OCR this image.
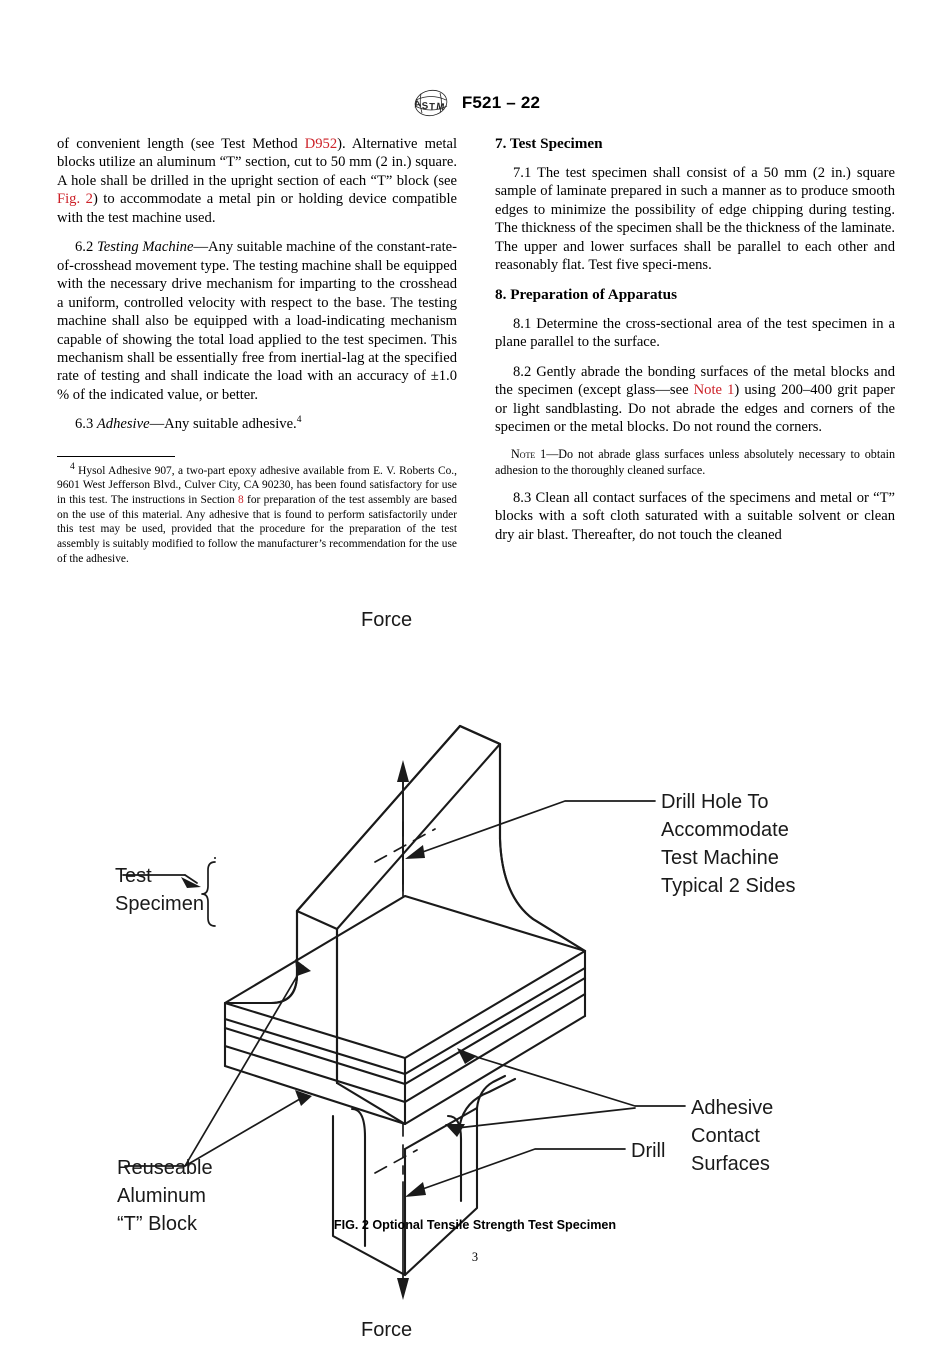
A S T M F521 – 22

of convenient length (see Test Method D952). Alternative metal blocks utilize an aluminum “T” section, cut to 50 mm (2 in.) square. A hole shall be drilled in the upright section of each “T” block (see Fig. 2) to accommodate a metal pin or holding device compatible with the test machine used.

6.2 Testing Machine—Any suitable machine of the constant-rate-of-crosshead movement type. The testing machine shall be equipped with the necessary drive mechanism for imparting to the crosshead a uniform, controlled velocity with respect to the base. The testing machine shall also be equipped with a load-indicating mechanism capable of showing the total load applied to the test specimen. This mechanism shall be essentially free from inertial-lag at the specified rate of testing and shall indicate the load with an accuracy of ±1.0 % of the indicated value, or better.

6.3 Adhesive—Any suitable adhesive.$^4$

$^4$ Hysol Adhesive 907, a two-part epoxy adhesive available from E. V. Roberts Co., 9601 West Jefferson Blvd., Culver City, CA 90230, has been found satisfactory for use in this test. The instructions in Section 8 for preparation of the test assembly are based on the use of this material. Any adhesive that is found to perform satisfactorily under this test may be used, provided that the procedure for the preparation of the test assembly is suitably modified to follow the manufacturer’s recommendation for the use of the adhesive.

7. Test Specimen

7.1 The test specimen shall consist of a 50 mm (2 in.) square sample of laminate prepared in such a manner as to produce smooth edges to minimize the possibility of edge chipping during testing. The thickness of the specimen shall be the thickness of the laminate. The upper and lower surfaces shall be parallel to each other and reasonably flat. Test five speci-mens.

8. Preparation of Apparatus

8.1 Determine the cross-sectional area of the test specimen in a plane parallel to the surface.

8.2 Gently abrade the bonding surfaces of the metal blocks and the specimen (except glass—see Note 1) using 200–400 grit paper or light sandblasting. Do not abrade the edges and corners of the specimen or the metal blocks. Do not round the corners.

Note 1—Do not abrade glass surfaces unless absolutely necessary to obtain adhesion to the thoroughly cleaned surface.

8.3 Clean all contact surfaces of the specimens and metal or “T” blocks with a soft cloth saturated with a suitable solvent or clean dry air blast. Thereafter, do not touch the cleaned

Force
Force
Drill Hole To
Accommodate
Test Machine
Typical 2 Sides
Test
Specimen
Adhesive
Contact
Surfaces
Reuseable
Aluminum
“T” Block
Drill
FIG. 2 Optional Tensile Strength Test Specimen
3
